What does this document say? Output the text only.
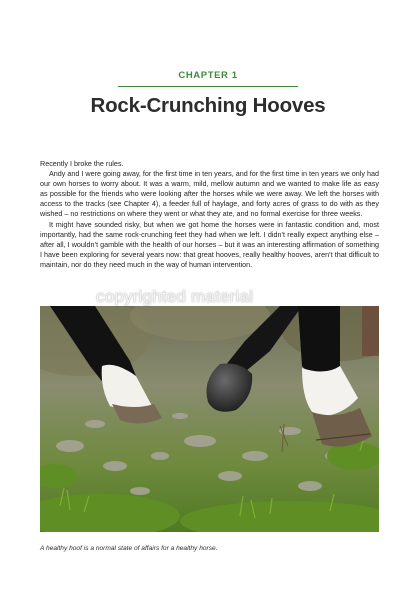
CHAPTER 1
Rock-Crunching Hooves

Recently I broke the rules.

Andy and I were going away, for the first time in ten years, and for the first time in ten years we only had our own horses to worry about. It was a warm, mild, mellow autumn and we wanted to make life as easy as possible for the friends who were looking after the horses while we were away. We left the horses with access to the tracks (see Chapter 4), a feeder full of haylage, and forty acres of grass to do with as they wished – no restrictions on where they went or what they ate, and no formal exercise for three weeks.

It might have sounded risky, but when we got home the horses were in fantastic condition and, most importantly, had the same rock-crunching feet they had when we left. I didn’t really expect anything else – after all, I wouldn’t gamble with the health of our horses – but it was an interesting affirmation of something I have been exploring for several years now: that great hooves, really healthy hooves, aren’t that difficult to maintain, nor do they need much in the way of human intervention.

copyrighted material
A healthy hoof is a normal state of affairs for a healthy horse.
